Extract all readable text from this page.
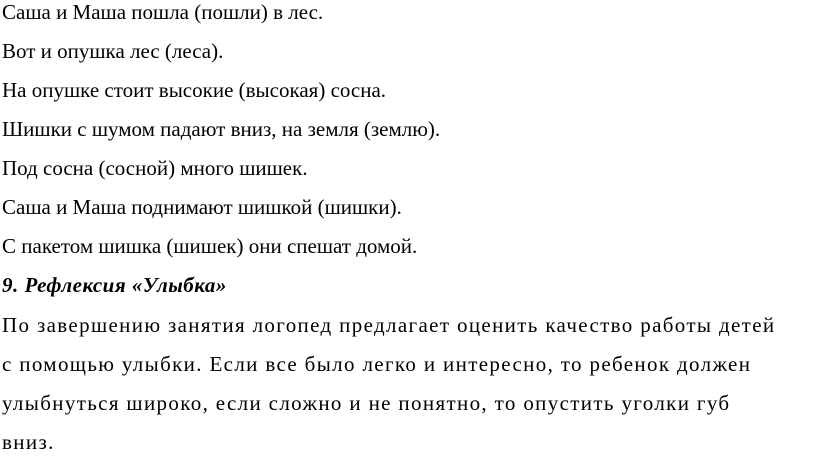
Саша и Маша пошла (пошли) в лес.
Вот и опушка лес (леса).
На опушке стоит высокие (высокая) сосна.
Шишки с шумом падают вниз, на земля (землю).
Под сосна (сосной) много шишек.
Саша и Маша поднимают шишкой (шишки).
С пакетом шишка (шишек) они спешат домой.
9. Рефлексия «Улыбка»
По завершению занятия логопед предлагает оценить качество работы детей
с помощью улыбки. Если все было легко и интересно, то ребенок должен
улыбнуться широко, если сложно и не понятно, то опустить уголки губ
вниз.
